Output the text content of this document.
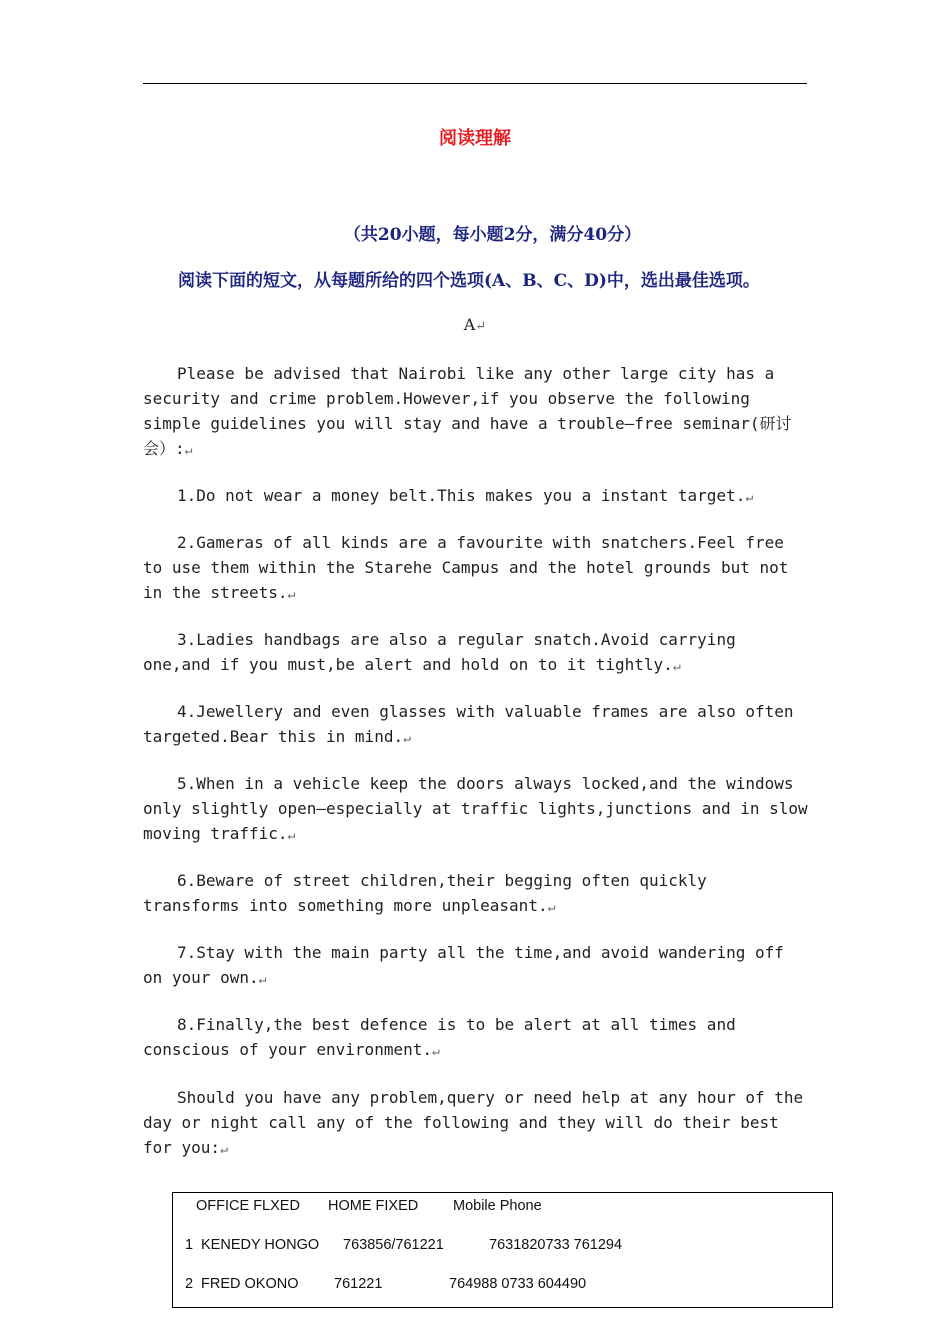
阅读理解
（共20小题，每小题2分，满分40分）
阅读下面的短文，从每题所给的四个选项(A、B、C、D)中，选出最佳选项。
A↵

Please be advised that Nairobi like any other large city has a security and crime problem.However,if you observe the following simple guidelines you will stay and have a trouble—free seminar(研讨会）:↵

1.Do not wear a money belt.This makes you a instant target.↵

2.Gameras of all kinds are a favourite with snatchers.Feel free to use them within the Starehe Campus and the hotel grounds but not in the streets.↵

3.Ladies handbags are also a regular snatch.Avoid carrying one,and if you must,be alert and hold on to it tightly.↵

4.Jewellery and even glasses with valuable frames are also often targeted.Bear this in mind.↵

5.When in a vehicle keep the doors always locked,and the windows only slightly open—especially at traffic lights,junctions and in slow moving traffic.↵

6.Beware of street children,their begging often quickly transforms into something more unpleasant.↵

7.Stay with the main party all the time,and avoid wandering off on your own.↵

8.Finally,the best defence is to be alert at all times and conscious of your environment.↵

Should you have any problem,query or need help at any hour of the day or night call any of the following and they will do their best for you:↵

OFFICE FLXED HOME FIXED Mobile Phone
1 KENEDY HONGO 763856/761221	7631820733 761294
2 FRED OKONO 761221	764988 0733 604490
